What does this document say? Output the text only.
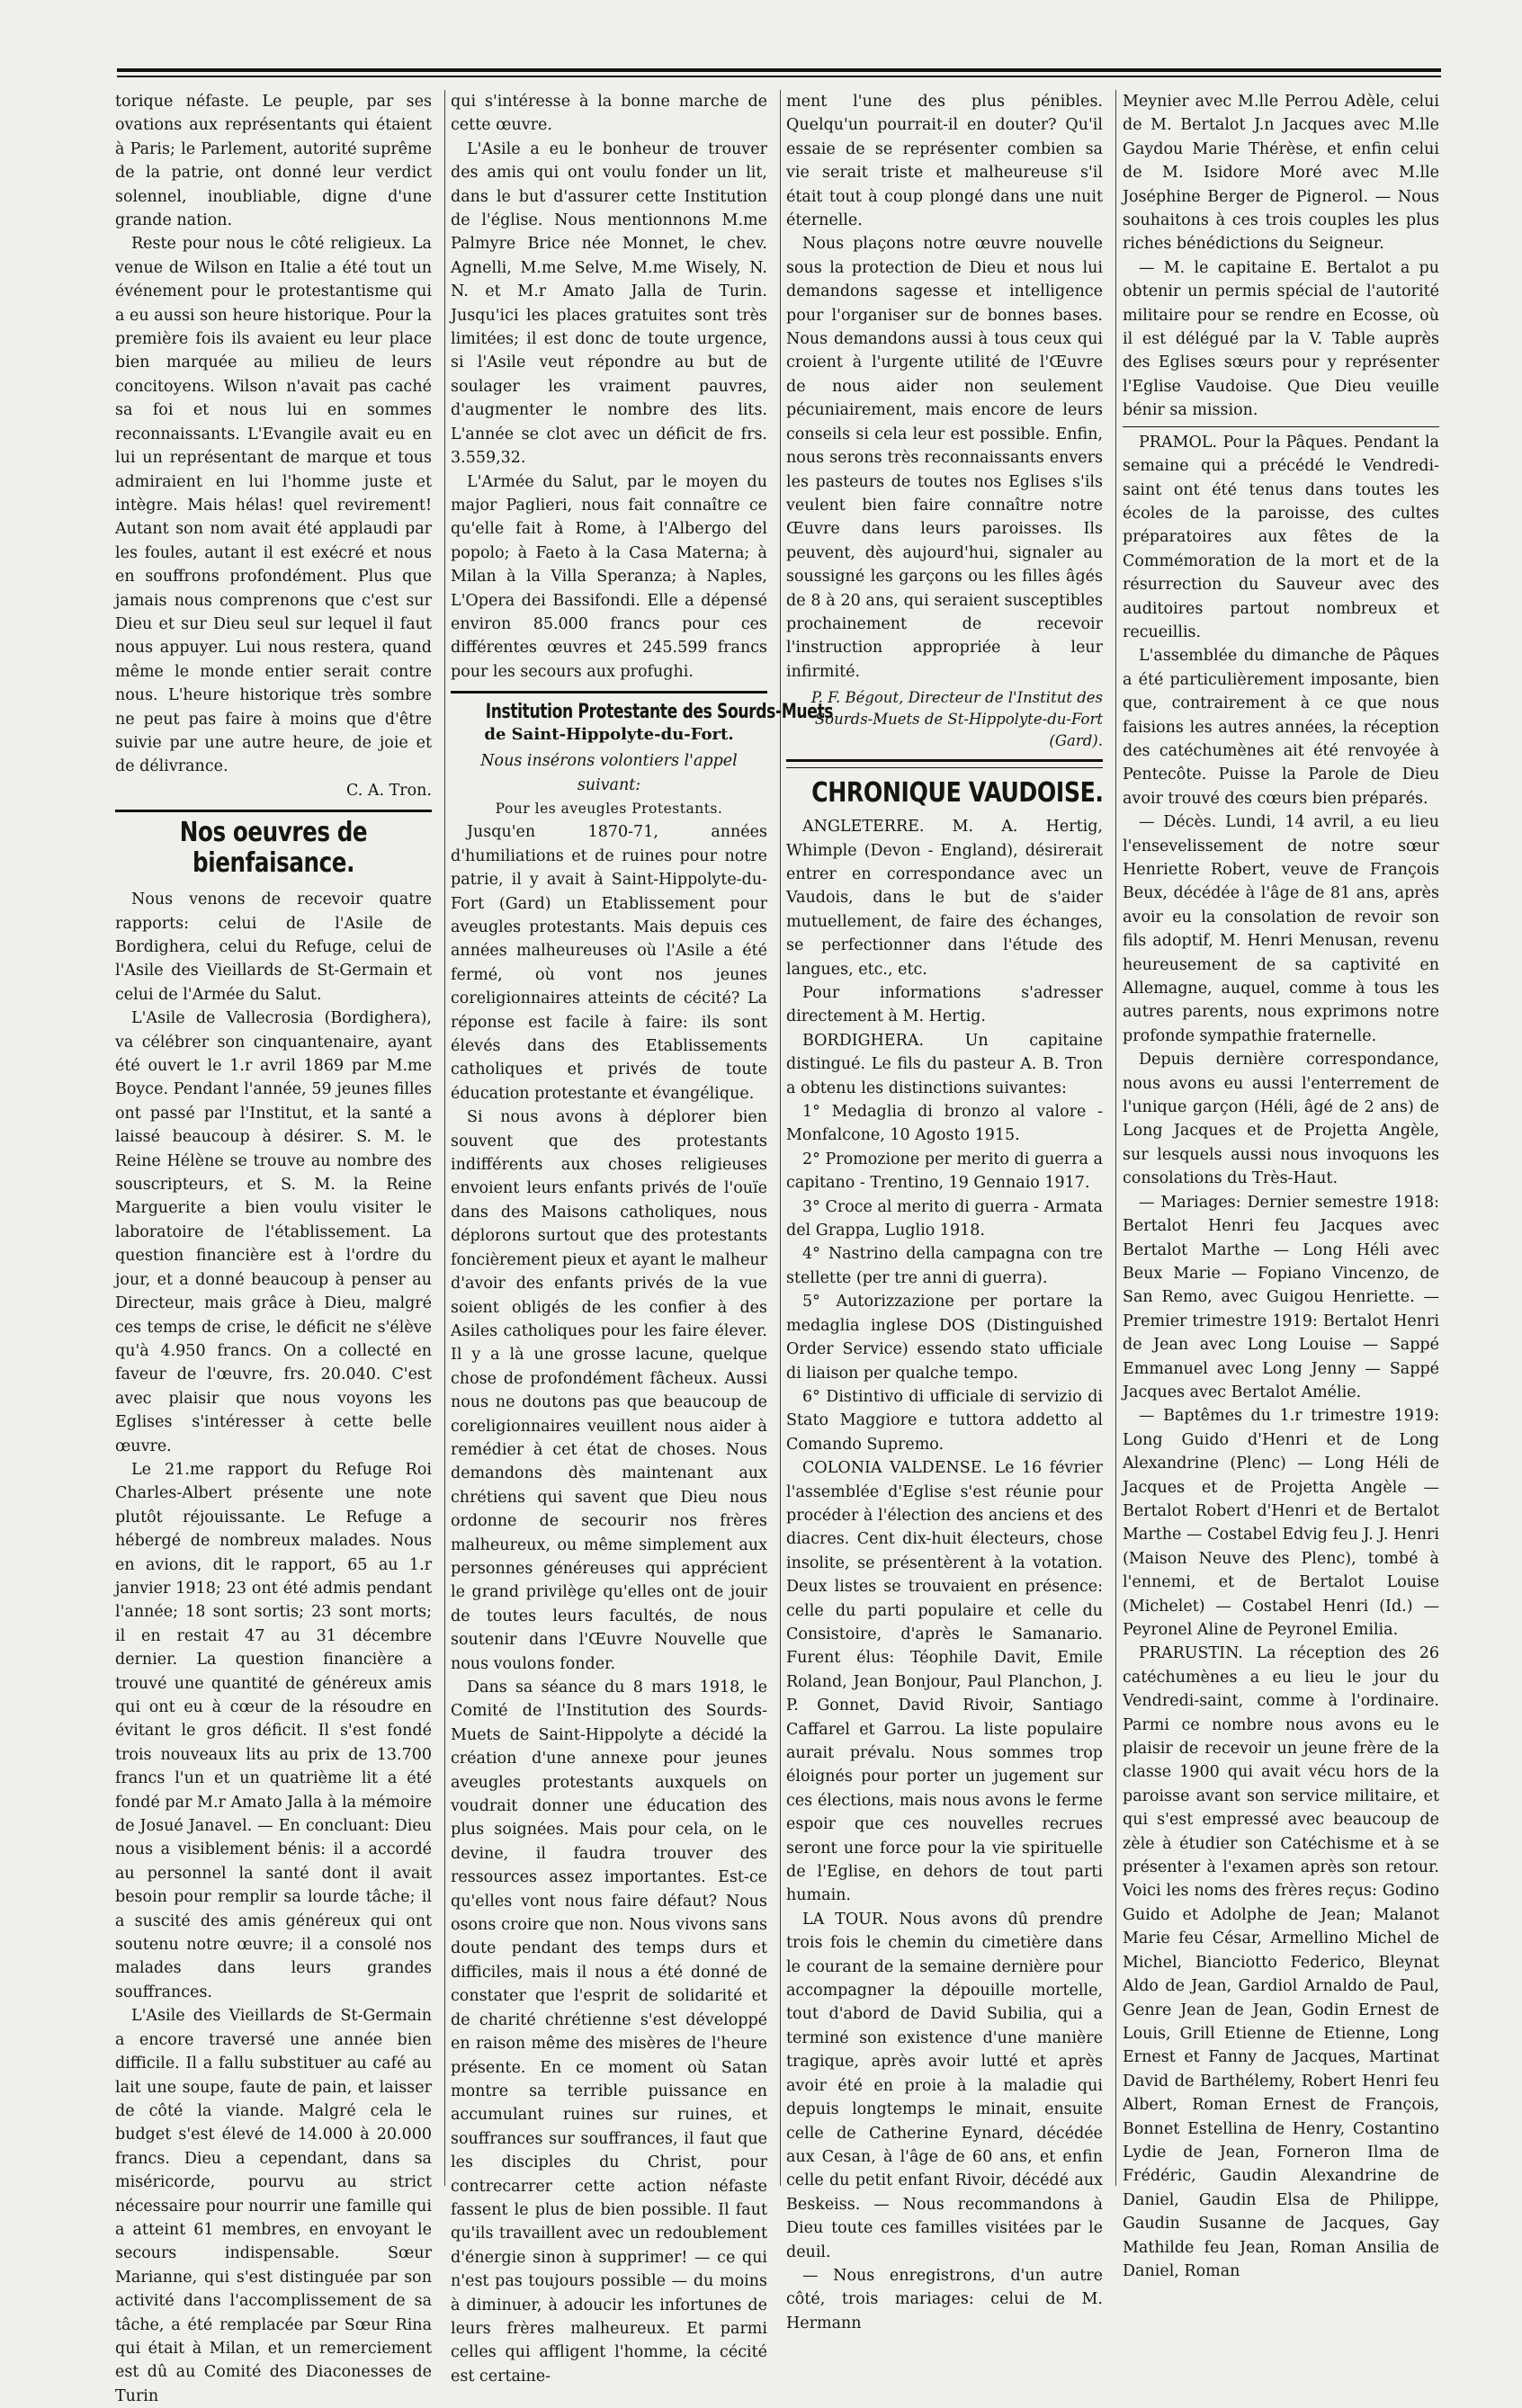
torique néfaste. Le peuple, par ses ovations aux représentants qui étaient à Paris; le Parlement, autorité suprême de la patrie, ont donné leur verdict solennel, inoubliable, digne d'une grande nation.

Reste pour nous le côté religieux. La venue de Wilson en Italie a été tout un événement pour le protestantisme qui a eu aussi son heure historique. Pour la première fois ils avaient eu leur place bien marquée au milieu de leurs concitoyens. Wilson n'avait pas caché sa foi et nous lui en sommes reconnaissants. L'Evangile avait eu en lui un représentant de marque et tous admiraient en lui l'homme juste et intègre. Mais hélas! quel revirement! Autant son nom avait été applaudi par les foules, autant il est exécré et nous en souffrons profondément. Plus que jamais nous comprenons que c'est sur Dieu et sur Dieu seul sur lequel il faut nous appuyer. Lui nous restera, quand même le monde entier serait contre nous. L'heure historique très sombre ne peut pas faire à moins que d'être suivie par une autre heure, de joie et de délivrance.

C. A. Tron.

Nos oeuvres de bienfaisance.

Nous venons de recevoir quatre rapports: celui de l'Asile de Bordighera, celui du Refuge, celui de l'Asile des Vieillards de St-Germain et celui de l'Armée du Salut.

L'Asile de Vallecrosia (Bordighera), va célébrer son cinquantenaire, ayant été ouvert le 1.r avril 1869 par M.me Boyce. Pendant l'année, 59 jeunes filles ont passé par l'Institut, et la santé a laissé beaucoup à désirer. S. M. le Reine Hélène se trouve au nombre des souscripteurs, et S. M. la Reine Marguerite a bien voulu visiter le laboratoire de l'établissement. La question financière est à l'ordre du jour, et a donné beaucoup à penser au Directeur, mais grâce à Dieu, malgré ces temps de crise, le déficit ne s'élève qu'à 4.950 francs. On a collecté en faveur de l'œuvre, frs. 20.040. C'est avec plaisir que nous voyons les Eglises s'intéresser à cette belle œuvre.

Le 21.me rapport du Refuge Roi Charles-Albert présente une note plutôt réjouissante. Le Refuge a hébergé de nombreux malades. Nous en avions, dit le rapport, 65 au 1.r janvier 1918; 23 ont été admis pendant l'année; 18 sont sortis; 23 sont morts; il en restait 47 au 31 décembre dernier. La question financière a trouvé une quantité de généreux amis qui ont eu à cœur de la résoudre en évitant le gros déficit. Il s'est fondé trois nouveaux lits au prix de 13.700 francs l'un et un quatrième lit a été fondé par M.r Amato Jalla à la mémoire de Josué Janavel. — En concluant: Dieu nous a visiblement bénis: il a accordé au personnel la santé dont il avait besoin pour remplir sa lourde tâche; il a suscité des amis généreux qui ont soutenu notre œuvre; il a consolé nos malades dans leurs grandes souffrances.

L'Asile des Vieillards de St-Germain a encore traversé une année bien difficile. Il a fallu substituer au café au lait une soupe, faute de pain, et laisser de côté la viande. Malgré cela le budget s'est élevé de 14.000 à 20.000 francs. Dieu a cependant, dans sa miséricorde, pourvu au strict nécessaire pour nourrir une famille qui a atteint 61 membres, en envoyant le secours indispensable. Sœur Marianne, qui s'est distinguée par son activité dans l'accomplissement de sa tâche, a été remplacée par Sœur Rina qui était à Milan, et un remerciement est dû au Comité des Diaconesses de Turin

qui s'intéresse à la bonne marche de cette œuvre.

L'Asile a eu le bonheur de trouver des amis qui ont voulu fonder un lit, dans le but d'assurer cette Institution de l'église. Nous mentionnons M.me Palmyre Brice née Monnet, le chev. Agnelli, M.me Selve, M.me Wisely, N. N. et M.r Amato Jalla de Turin. Jusqu'ici les places gratuites sont très limitées; il est donc de toute urgence, si l'Asile veut répondre au but de soulager les vraiment pauvres, d'augmenter le nombre des lits. L'année se clot avec un déficit de frs. 3.559,32.

L'Armée du Salut, par le moyen du major Paglieri, nous fait connaître ce qu'elle fait à Rome, à l'Albergo del popolo; à Faeto à la Casa Materna; à Milan à la Villa Speranza; à Naples, L'Opera dei Bassifondi. Elle a dépensé environ 85.000 francs pour ces différentes œuvres et 245.599 francs pour les secours aux profughi.

Institution Protestante des Sourds-Muets
de Saint-Hippolyte-du-Fort.

Nous insérons volontiers l'appel suivant:

Pour les aveugles Protestants.

Jusqu'en 1870-71, années d'humiliations et de ruines pour notre patrie, il y avait à Saint-Hippolyte-du-Fort (Gard) un Etablissement pour aveugles protestants. Mais depuis ces années malheureuses où l'Asile a été fermé, où vont nos jeunes coreligionnaires atteints de cécité? La réponse est facile à faire: ils sont élevés dans des Etablissements catholiques et privés de toute éducation protestante et évangélique.

Si nous avons à déplorer bien souvent que des protestants indifférents aux choses religieuses envoient leurs enfants privés de l'ouïe dans des Maisons catholiques, nous déplorons surtout que des protestants foncièrement pieux et ayant le malheur d'avoir des enfants privés de la vue soient obligés de les confier à des Asiles catholiques pour les faire élever. Il y a là une grosse lacune, quelque chose de profondément fâcheux. Aussi nous ne doutons pas que beaucoup de coreligionnaires veuillent nous aider à remédier à cet état de choses. Nous demandons dès maintenant aux chrétiens qui savent que Dieu nous ordonne de secourir nos frères malheureux, ou même simplement aux personnes généreuses qui apprécient le grand privilège qu'elles ont de jouir de toutes leurs facultés, de nous soutenir dans l'Œuvre Nouvelle que nous voulons fonder.

Dans sa séance du 8 mars 1918, le Comité de l'Institution des Sourds-Muets de Saint-Hippolyte a décidé la création d'une annexe pour jeunes aveugles protestants auxquels on voudrait donner une éducation des plus soignées. Mais pour cela, on le devine, il faudra trouver des ressources assez importantes. Est-ce qu'elles vont nous faire défaut? Nous osons croire que non. Nous vivons sans doute pendant des temps durs et difficiles, mais il nous a été donné de constater que l'esprit de solidarité et de charité chrétienne s'est développé en raison même des misères de l'heure présente. En ce moment où Satan montre sa terrible puissance en accumulant ruines sur ruines, et souffrances sur souffrances, il faut que les disciples du Christ, pour contrecarrer cette action néfaste fassent le plus de bien possible. Il faut qu'ils travaillent avec un redoublement d'énergie sinon à supprimer! — ce qui n'est pas toujours possible — du moins à diminuer, à adoucir les infortunes de leurs frères malheureux. Et parmi celles qui affligent l'homme, la cécité est certaine-

ment l'une des plus pénibles. Quelqu'un pourrait-il en douter? Qu'il essaie de se représenter combien sa vie serait triste et malheureuse s'il était tout à coup plongé dans une nuit éternelle.

Nous plaçons notre œuvre nouvelle sous la protection de Dieu et nous lui demandons sagesse et intelligence pour l'organiser sur de bonnes bases. Nous demandons aussi à tous ceux qui croient à l'urgente utilité de l'Œuvre de nous aider non seulement pécuniairement, mais encore de leurs conseils si cela leur est possible. Enfin, nous serons très reconnaissants envers les pasteurs de toutes nos Eglises s'ils veulent bien faire connaître notre Œuvre dans leurs paroisses. Ils peuvent, dès aujourd'hui, signaler au soussigné les garçons ou les filles âgés de 8 à 20 ans, qui seraient susceptibles prochainement de recevoir l'instruction appropriée à leur infirmité.

P. F. Bégout, Directeur de l'Institut des Sourds-Muets de St-Hippolyte-du-Fort (Gard).
CHRONIQUE VAUDOISE.

ANGLETERRE. M. A. Hertig, Whimple (Devon - England), désirerait entrer en correspondance avec un Vaudois, dans le but de s'aider mutuellement, de faire des échanges, se perfectionner dans l'étude des langues, etc., etc.

Pour informations s'adresser directement à M. Hertig.

BORDIGHERA. Un capitaine distingué. Le fils du pasteur A. B. Tron a obtenu les distinctions suivantes:

1° Medaglia di bronzo al valore - Monfalcone, 10 Agosto 1915.

2° Promozione per merito di guerra a capitano - Trentino, 19 Gennaio 1917.

3° Croce al merito di guerra - Armata del Grappa, Luglio 1918.

4° Nastrino della campagna con tre stellette (per tre anni di guerra).

5° Autorizzazione per portare la medaglia inglese DOS (Distinguished Order Service) essendo stato ufficiale di liaison per qualche tempo.

6° Distintivo di ufficiale di servizio di Stato Maggiore e tuttora addetto al Comando Supremo.

COLONIA VALDENSE. Le 16 février l'assemblée d'Eglise s'est réunie pour procéder à l'élection des anciens et des diacres. Cent dix-huit électeurs, chose insolite, se présentèrent à la votation. Deux listes se trouvaient en présence: celle du parti populaire et celle du Consistoire, d'après le Samanario. Furent élus: Téophile Davit, Emile Roland, Jean Bonjour, Paul Planchon, J. P. Gonnet, David Rivoir, Santiago Caffarel et Garrou. La liste populaire aurait prévalu. Nous sommes trop éloignés pour porter un jugement sur ces élections, mais nous avons le ferme espoir que ces nouvelles recrues seront une force pour la vie spirituelle de l'Eglise, en dehors de tout parti humain.

LA TOUR. Nous avons dû prendre trois fois le chemin du cimetière dans le courant de la semaine dernière pour accompagner la dépouille mortelle, tout d'abord de David Subilia, qui a terminé son existence d'une manière tragique, après avoir lutté et après avoir été en proie à la maladie qui depuis longtemps le minait, ensuite celle de Catherine Eynard, décédée aux Cesan, à l'âge de 60 ans, et enfin celle du petit enfant Rivoir, décédé aux Beskeiss. — Nous recommandons à Dieu toute ces familles visitées par le deuil.

— Nous enregistrons, d'un autre côté, trois mariages: celui de M. Hermann

Meynier avec M.lle Perrou Adèle, celui de M. Bertalot J.n Jacques avec M.lle Gaydou Marie Thérèse, et enfin celui de M. Isidore Moré avec M.lle Joséphine Berger de Pignerol. — Nous souhaitons à ces trois couples les plus riches bénédictions du Seigneur.

— M. le capitaine E. Bertalot a pu obtenir un permis spécial de l'autorité militaire pour se rendre en Ecosse, où il est délégué par la V. Table auprès des Eglises sœurs pour y représenter l'Eglise Vaudoise. Que Dieu veuille bénir sa mission.

PRAMOL. Pour la Pâques. Pendant la semaine qui a précédé le Vendredi-saint ont été tenus dans toutes les écoles de la paroisse, des cultes préparatoires aux fêtes de la Commémoration de la mort et de la résurrection du Sauveur avec des auditoires partout nombreux et recueillis.

L'assemblée du dimanche de Pâques a été particulièrement imposante, bien que, contrairement à ce que nous faisions les autres années, la réception des catéchumènes ait été renvoyée à Pentecôte. Puisse la Parole de Dieu avoir trouvé des cœurs bien préparés.

— Décès. Lundi, 14 avril, a eu lieu l'ensevelissement de notre sœur Henriette Robert, veuve de François Beux, décédée à l'âge de 81 ans, après avoir eu la consolation de revoir son fils adoptif, M. Henri Menusan, revenu heureusement de sa captivité en Allemagne, auquel, comme à tous les autres parents, nous exprimons notre profonde sympathie fraternelle.

Depuis dernière correspondance, nous avons eu aussi l'enterrement de l'unique garçon (Héli, âgé de 2 ans) de Long Jacques et de Projetta Angèle, sur lesquels aussi nous invoquons les consolations du Très-Haut.

— Mariages: Dernier semestre 1918: Bertalot Henri feu Jacques avec Bertalot Marthe — Long Héli avec Beux Marie — Fopiano Vincenzo, de San Remo, avec Guigou Henriette. — Premier trimestre 1919: Bertalot Henri de Jean avec Long Louise — Sappé Emmanuel avec Long Jenny — Sappé Jacques avec Bertalot Amélie.

— Baptêmes du 1.r trimestre 1919: Long Guido d'Henri et de Long Alexandrine (Plenc) — Long Héli de Jacques et de Projetta Angèle — Bertalot Robert d'Henri et de Bertalot Marthe — Costabel Edvig feu J. J. Henri (Maison Neuve des Plenc), tombé à l'ennemi, et de Bertalot Louise (Michelet) — Costabel Henri (Id.) — Peyronel Aline de Peyronel Emilia.

PRARUSTIN. La réception des 26 catéchumènes a eu lieu le jour du Vendredi-saint, comme à l'ordinaire. Parmi ce nombre nous avons eu le plaisir de recevoir un jeune frère de la classe 1900 qui avait vécu hors de la paroisse avant son service militaire, et qui s'est empressé avec beaucoup de zèle à étudier son Catéchisme et à se présenter à l'examen après son retour. Voici les noms des frères reçus: Godino Guido et Adolphe de Jean; Malanot Marie feu César, Armellino Michel de Michel, Bianciotto Federico, Bleynat Aldo de Jean, Gardiol Arnaldo de Paul, Genre Jean de Jean, Godin Ernest de Louis, Grill Etienne de Etienne, Long Ernest et Fanny de Jacques, Martinat David de Barthélemy, Robert Henri feu Albert, Roman Ernest de François, Bonnet Estellina de Henry, Costantino Lydie de Jean, Forneron Ilma de Frédéric, Gaudin Alexandrine de Daniel, Gaudin Elsa de Philippe, Gaudin Susanne de Jacques, Gay Mathilde feu Jean, Roman Ansilia de Daniel, Roman
